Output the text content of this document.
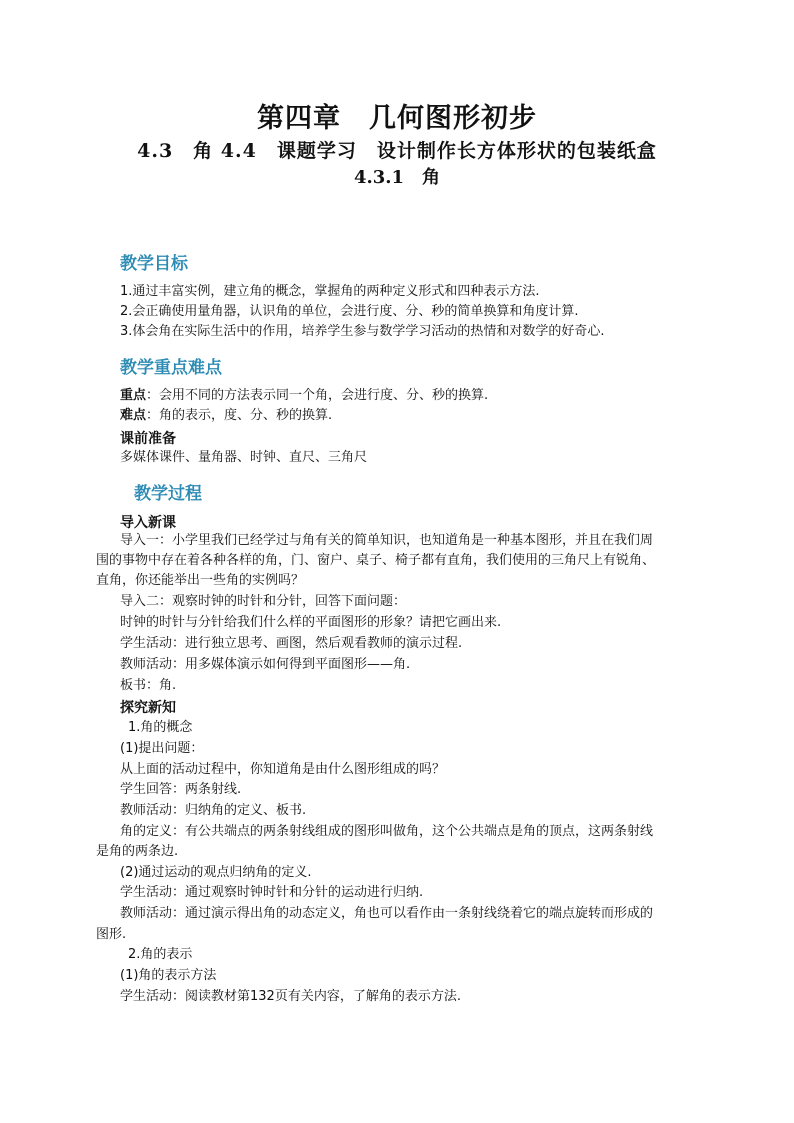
第四章　几何图形初步
4.3　角 4.4　课题学习　设计制作长方体形状的包装纸盒
4.3.1　角
教学目标
1.通过丰富实例，建立角的概念，掌握角的两种定义形式和四种表示方法.
2.会正确使用量角器，认识角的单位，会进行度、分、秒的简单换算和角度计算.
3.体会角在实际生活中的作用，培养学生参与数学学习活动的热情和对数学的好奇心.
教学重点难点
重点：会用不同的方法表示同一个角，会进行度、分、秒的换算.
难点：角的表示，度、分、秒的换算.
课前准备
多媒体课件、量角器、时钟、直尺、三角尺
教学过程
导入新课
导入一：小学里我们已经学过与角有关的简单知识，也知道角是一种基本图形，并且在我们周
围的事物中存在着各种各样的角，门、窗户、桌子、椅子都有直角，我们使用的三角尺上有锐角、
直角，你还能举出一些角的实例吗？
导入二：观察时钟的时针和分针，回答下面问题：
时钟的时针与分针给我们什么样的平面图形的形象？请把它画出来.
学生活动：进行独立思考、画图，然后观看教师的演示过程.
教师活动：用多媒体演示如何得到平面图形——角.
板书：角.
探究新知
1.角的概念
(1)提出问题：
从上面的活动过程中，你知道角是由什么图形组成的吗？
学生回答：两条射线.
教师活动：归纳角的定义、板书.
角的定义：有公共端点的两条射线组成的图形叫做角，这个公共端点是角的顶点，这两条射线
是角的两条边.
(2)通过运动的观点归纳角的定义.
学生活动：通过观察时钟时针和分针的运动进行归纳.
教师活动：通过演示得出角的动态定义，角也可以看作由一条射线绕着它的端点旋转而形成的
图形.
2.角的表示
(1)角的表示方法
学生活动：阅读教材第132页有关内容，了解角的表示方法.
